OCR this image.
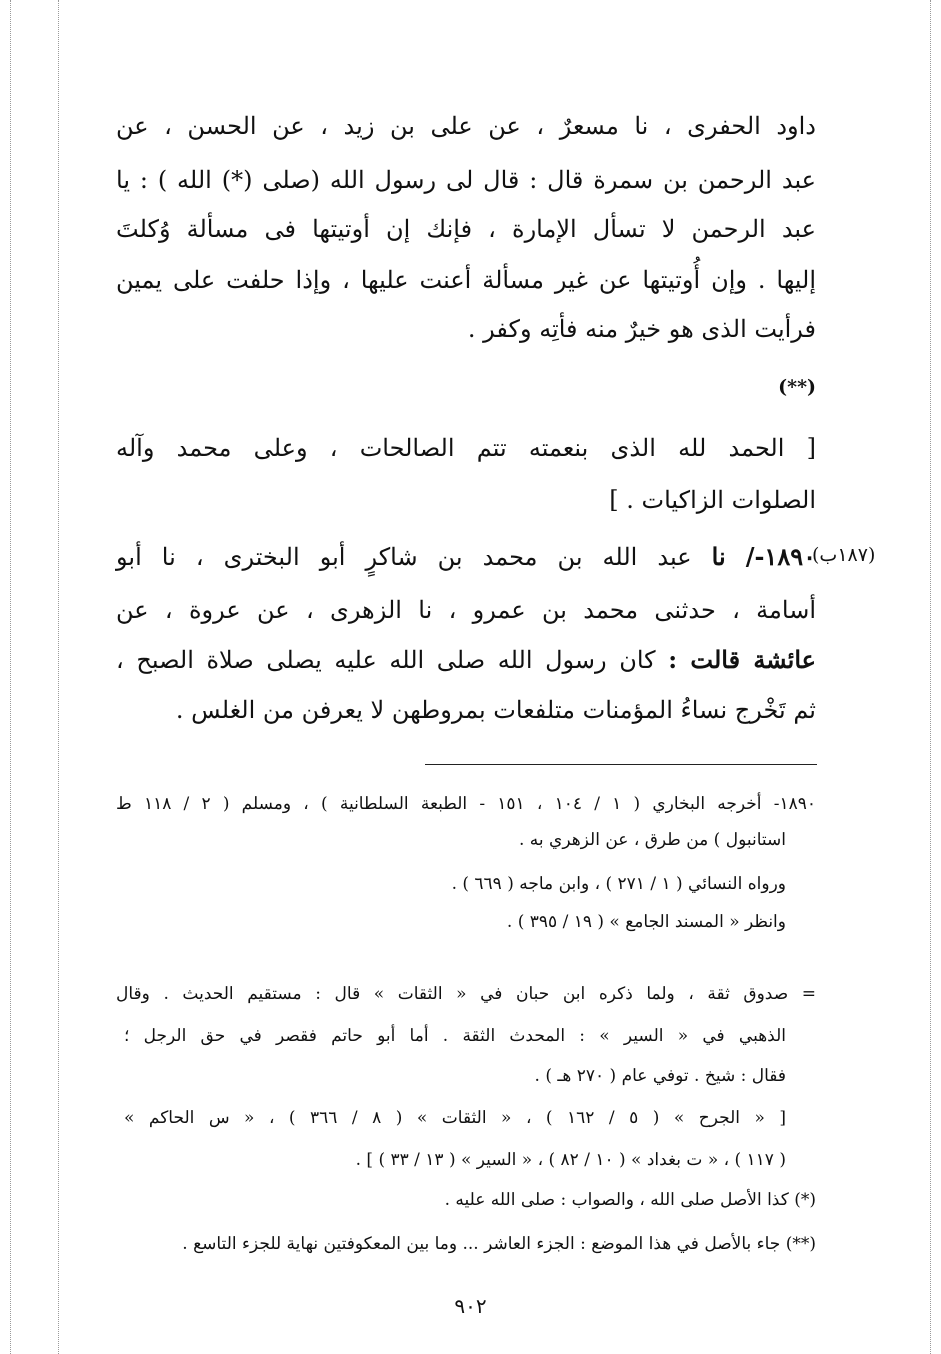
داود الحفرى ، نا مسعرٌ ، عن على بن زيد ، عن الحسن ، عن
عبد الرحمن بن سمرة قال : قال لى رسول الله (صلى (*) الله ) : يا
عبد الرحمن لا تسأل الإمارة ، فإنك إن أوتيتها فى مسألة وُكلتَ
إليها . وإن أُوتيتها عن غير مسألة أعنت عليها ، وإذا حلفت على يمين
فرأيت الذى هو خيرٌ منه فأتِه وكفر .
(**)
[ الحمد لله الذى بنعمته تتم الصالحات ، وعلى محمد وآله
الصلوات الزاكيات . ]
(١٨٧ب)
١٨٩٠-/ نا عبد الله بن محمد بن شاكرٍ أبو البخترى ، نا أبو
أسامة ، حدثنى محمد بن عمرو ، نا الزهرى ، عن عروة ، عن
عائشة قالت : كان رسول الله صلى الله عليه يصلى صلاة الصبح ،
ثم تَخْرج نساءُ المؤمنات متلفعات بمروطهن لا يعرفن من الغلس .
١٨٩٠- أخرجه البخاري ( ١ / ١٠٤ ، ١٥١ - الطبعة السلطانية ) ، ومسلم ( ٢ / ١١٨ ط
استانبول ) من طرق ، عن الزهري به .
ورواه النسائي ( ١ / ٢٧١ ) ، وابن ماجه ( ٦٦٩ ) .
وانظر « المسند الجامع » ( ١٩ / ٣٩٥ ) .
= صدوق ثقة ، ولما ذكره ابن حبان في « الثقات » قال : مستقيم الحديث . وقال
الذهبي في « السير » : المحدث الثقة . أما أبو حاتم فقصر في حق الرجل ؛
فقال : شيخ . توفي عام ( ٢٧٠ هـ ) .
[ « الجرح » ( ٥ / ١٦٢ ) ، « الثقات » ( ٨ / ٣٦٦ ) ، « س الحاكم »
( ١١٧ ) ، « ت بغداد » ( ١٠ / ٨٢ ) ، « السير » ( ١٣ / ٣٣ ) ] .
(*) كذا الأصل صلى الله ، والصواب : صلى الله عليه .
(**) جاء بالأصل في هذا الموضع : الجزء العاشر ... وما بين المعكوفتين نهاية للجزء التاسع .
٩٠٢
